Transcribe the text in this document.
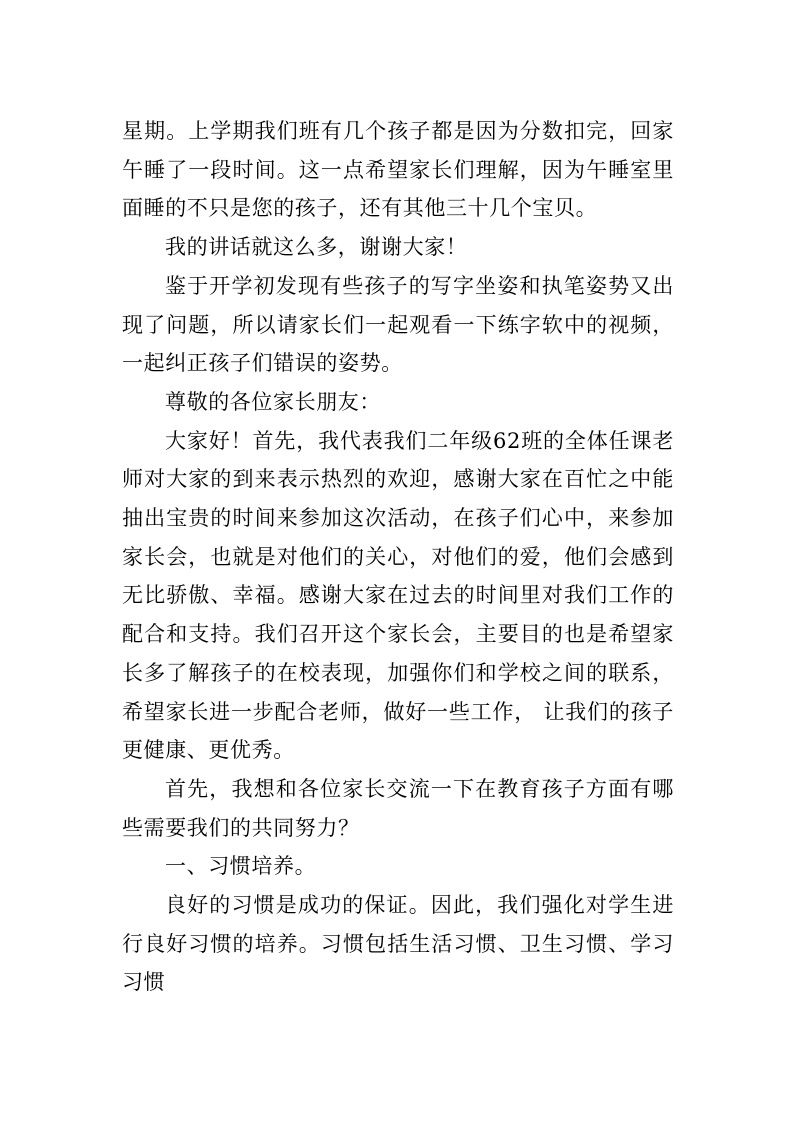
星期。上学期我们班有几个孩子都是因为分数扣完，回家午睡了一段时间。这一点希望家长们理解，因为午睡室里面睡的不只是您的孩子，还有其他三十几个宝贝。

我的讲话就这么多，谢谢大家！

鉴于开学初发现有些孩子的写字坐姿和执笔姿势又出现了问题，所以请家长们一起观看一下练字软中的视频，一起纠正孩子们错误的姿势。

尊敬的各位家长朋友：

大家好！首先，我代表我们二年级62班的全体任课老师对大家的到来表示热烈的欢迎，感谢大家在百忙之中能抽出宝贵的时间来参加这次活动，在孩子们心中，来参加家长会，也就是对他们的关心，对他们的爱，他们会感到无比骄傲、幸福。感谢大家在过去的时间里对我们工作的配合和支持。我们召开这个家长会，主要目的也是希望家长多了解孩子的在校表现，加强你们和学校之间的联系，希望家长进一步配合老师，做好一些工作， 让我们的孩子更健康、更优秀。

首先，我想和各位家长交流一下在教育孩子方面有哪些需要我们的共同努力？

一、习惯培养。

良好的习惯是成功的保证。因此，我们强化对学生进行良好习惯的培养。习惯包括生活习惯、卫生习惯、学习习惯
